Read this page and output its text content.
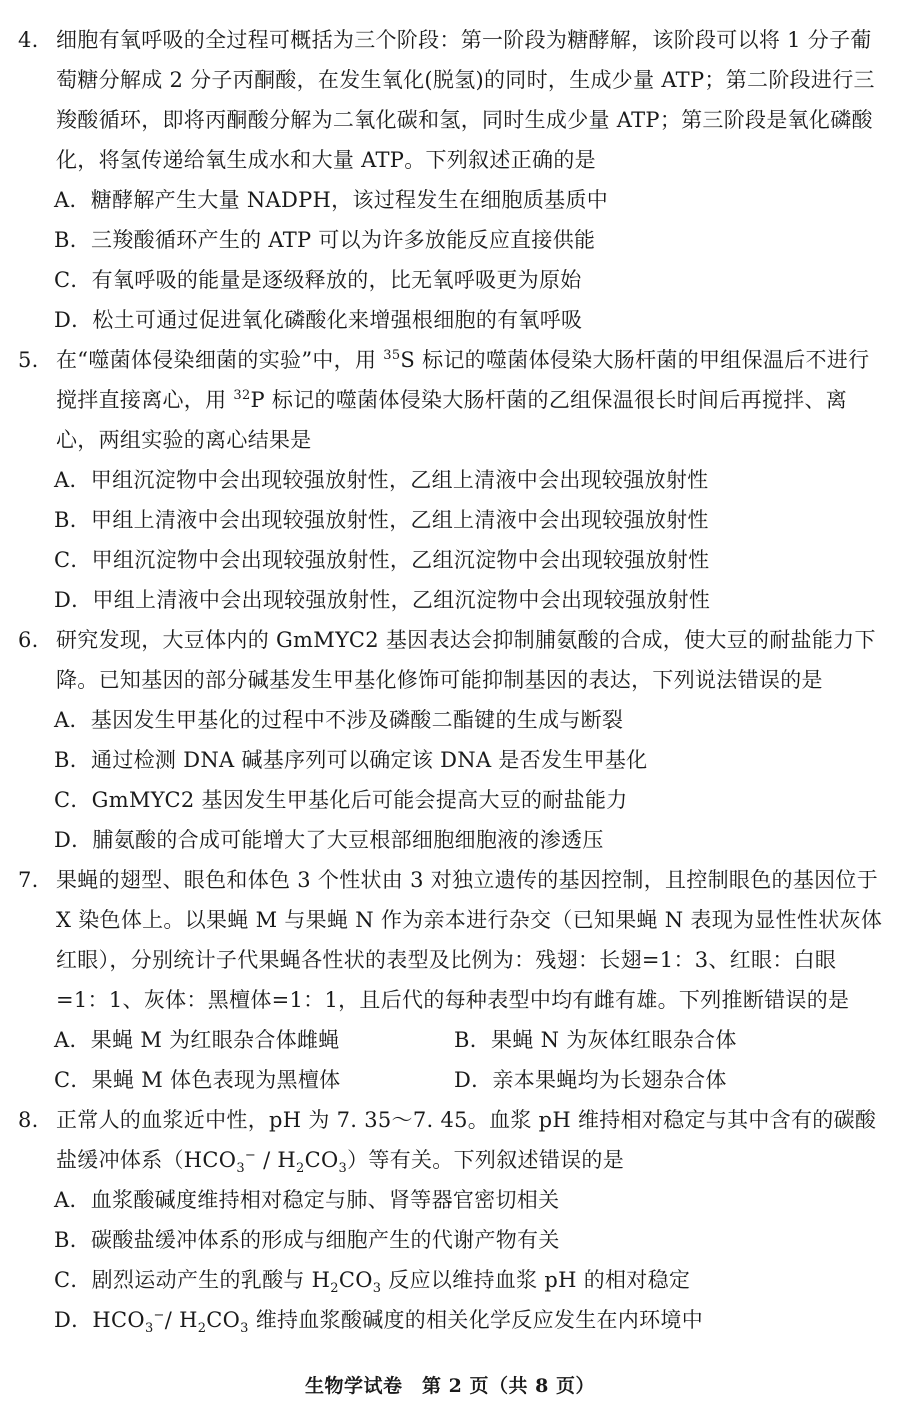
4. 细胞有氧呼吸的全过程可概括为三个阶段：第一阶段为糖酵解，该阶段可以将 1 分子葡萄糖分解成 2 分子丙酮酸，在发生氧化(脱氢)的同时，生成少量 ATP；第二阶段进行三羧酸循环，即将丙酮酸分解为二氧化碳和氢，同时生成少量 ATP；第三阶段是氧化磷酸化，将氢传递给氧生成水和大量 ATP。下列叙述正确的是
A．糖酵解产生大量 NADPH，该过程发生在细胞质基质中
B．三羧酸循环产生的 ATP 可以为许多放能反应直接供能
C．有氧呼吸的能量是逐级释放的，比无氧呼吸更为原始
D．松土可通过促进氧化磷酸化来增强根细胞的有氧呼吸
5. 在“噬菌体侵染细菌的实验”中，用 $^{35}$S 标记的噬菌体侵染大肠杆菌的甲组保温后不进行搅拌直接离心，用 $^{32}$P 标记的噬菌体侵染大肠杆菌的乙组保温很长时间后再搅拌、离心，两组实验的离心结果是
A．甲组沉淀物中会出现较强放射性，乙组上清液中会出现较强放射性
B．甲组上清液中会出现较强放射性，乙组上清液中会出现较强放射性
C．甲组沉淀物中会出现较强放射性，乙组沉淀物中会出现较强放射性
D．甲组上清液中会出现较强放射性，乙组沉淀物中会出现较强放射性
6. 研究发现，大豆体内的 GmMYC2 基因表达会抑制脯氨酸的合成，使大豆的耐盐能力下降。已知基因的部分碱基发生甲基化修饰可能抑制基因的表达，下列说法错误的是
A．基因发生甲基化的过程中不涉及磷酸二酯键的生成与断裂
B．通过检测 DNA 碱基序列可以确定该 DNA 是否发生甲基化
C．GmMYC2 基因发生甲基化后可能会提高大豆的耐盐能力
D．脯氨酸的合成可能增大了大豆根部细胞细胞液的渗透压
7. 果蝇的翅型、眼色和体色 3 个性状由 3 对独立遗传的基因控制，且控制眼色的基因位于 X 染色体上。以果蝇 M 与果蝇 N 作为亲本进行杂交（已知果蝇 N 表现为显性性状灰体红眼），分别统计子代果蝇各性状的表型及比例为：残翅：长翅=1：3、红眼：白眼=1：1、灰体：黑檀体=1：1，且后代的每种表型中均有雌有雄。下列推断错误的是
A．果蝇 M 为红眼杂合体雌蝇	B．果蝇 N 为灰体红眼杂合体
C．果蝇 M 体色表现为黑檀体	D．亲本果蝇均为长翅杂合体
8. 正常人的血浆近中性，pH 为 7. 35～7. 45。血浆 pH 维持相对稳定与其中含有的碳酸盐缓冲体系$(HCO_3^- / H_2CO_3)$等有关。下列叙述错误的是
A．血浆酸碱度维持相对稳定与肺、肾等器官密切相关
B．碳酸盐缓冲体系的形成与细胞产生的代谢产物有关
C．剧烈运动产生的乳酸与 $H_2CO_3$ 反应以维持血浆 pH 的相对稳定
D．$HCO_3^-/$ $H_2CO_3$ 维持血浆酸碱度的相关化学反应发生在内环境中
生物学试卷　第 2 页（共 8 页）
